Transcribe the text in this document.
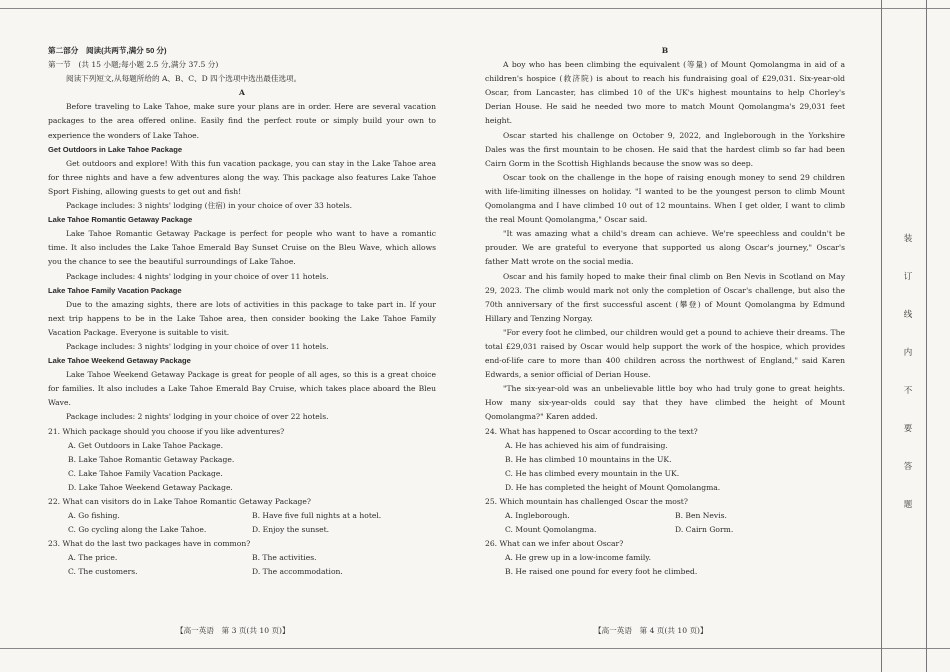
装
订
线
内
不
要
答
题

第二部分　阅读(共两节,满分 50 分)

第一节　(共 15 小题;每小题 2.5 分,满分 37.5 分)

阅读下列短文,从每题所给的 A、B、C、D 四个选项中选出最佳选项。

A

Before traveling to Lake Tahoe, make sure your plans are in order. Here are several vacation packages to the area offered online. Easily find the perfect route or simply build your own to experience the wonders of Lake Tahoe.

Get Outdoors in Lake Tahoe Package

Get outdoors and explore! With this fun vacation package, you can stay in the Lake Tahoe area for three nights and have a few adventures along the way. This package also features Lake Tahoe Sport Fishing, allowing guests to get out and fish!

Package includes: 3 nights' lodging (住宿) in your choice of over 33 hotels.

Lake Tahoe Romantic Getaway Package

Lake Tahoe Romantic Getaway Package is perfect for people who want to have a romantic time. It also includes the Lake Tahoe Emerald Bay Sunset Cruise on the Bleu Wave, which allows you the chance to see the beautiful surroundings of Lake Tahoe.

Package includes: 4 nights' lodging in your choice of over 11 hotels.

Lake Tahoe Family Vacation Package

Due to the amazing sights, there are lots of activities in this package to take part in. If your next trip happens to be in the Lake Tahoe area, then consider booking the Lake Tahoe Family Vacation Package. Everyone is suitable to visit.

Package includes: 3 nights' lodging in your choice of over 11 hotels.

Lake Tahoe Weekend Getaway Package

Lake Tahoe Weekend Getaway Package is great for people of all ages, so this is a great choice for families. It also includes a Lake Tahoe Emerald Bay Cruise, which takes place aboard the Bleu Wave.

Package includes: 2 nights' lodging in your choice of over 22 hotels.

21. Which package should you choose if you like adventures?

A. Get Outdoors in Lake Tahoe Package.

B. Lake Tahoe Romantic Getaway Package.

C. Lake Tahoe Family Vacation Package.

D. Lake Tahoe Weekend Getaway Package.

22. What can visitors do in Lake Tahoe Romantic Getaway Package?

A. Go fishing.	B. Have five full nights at a hotel.
C. Go cycling along the Lake Tahoe.	D. Enjoy the sunset.

23. What do the last two packages have in common?

A. The price.	B. The activities.
C. The customers.	D. The accommodation.
【高一英语　第 3 页(共 10 页)】

B

A boy who has been climbing the equivalent (等量) of Mount Qomolangma in aid of a children's hospice (救济院) is about to reach his fundraising goal of £29,031. Six-year-old Oscar, from Lancaster, has climbed 10 of the UK's highest mountains to help Chorley's Derian House. He said he needed two more to match Mount Qomolangma's 29,031 feet height.

Oscar started his challenge on October 9, 2022, and Ingleborough in the Yorkshire Dales was the first mountain to be chosen. He said that the hardest climb so far had been Cairn Gorm in the Scottish Highlands because the snow was so deep.

Oscar took on the challenge in the hope of raising enough money to send 29 children with life-limiting illnesses on holiday. "I wanted to be the youngest person to climb Mount Qomolangma and I have climbed 10 out of 12 mountains. When I get older, I want to climb the real Mount Qomolangma," Oscar said.

"It was amazing what a child's dream can achieve. We're speechless and couldn't be prouder. We are grateful to everyone that supported us along Oscar's journey," Oscar's father Matt wrote on the social media.

Oscar and his family hoped to make their final climb on Ben Nevis in Scotland on May 29, 2023. The climb would mark not only the completion of Oscar's challenge, but also the 70th anniversary of the first successful ascent (攀登) of Mount Qomolangma by Edmund Hillary and Tenzing Norgay.

"For every foot he climbed, our children would get a pound to achieve their dreams. The total £29,031 raised by Oscar would help support the work of the hospice, which provides end-of-life care to more than 400 children across the northwest of England," said Karen Edwards, a senior official of Derian House.

"The six-year-old was an unbelievable little boy who had truly gone to great heights. How many six-year-olds could say that they have climbed the height of Mount Qomolangma?" Karen added.

24. What has happened to Oscar according to the text?

A. He has achieved his aim of fundraising.

B. He has climbed 10 mountains in the UK.

C. He has climbed every mountain in the UK.

D. He has completed the height of Mount Qomolangma.

25. Which mountain has challenged Oscar the most?

A. Ingleborough.	B. Ben Nevis.
C. Mount Qomolangma.	D. Cairn Gorm.

26. What can we infer about Oscar?

A. He grew up in a low-income family.

B. He raised one pound for every foot he climbed.

【高一英语　第 4 页(共 10 页)】
